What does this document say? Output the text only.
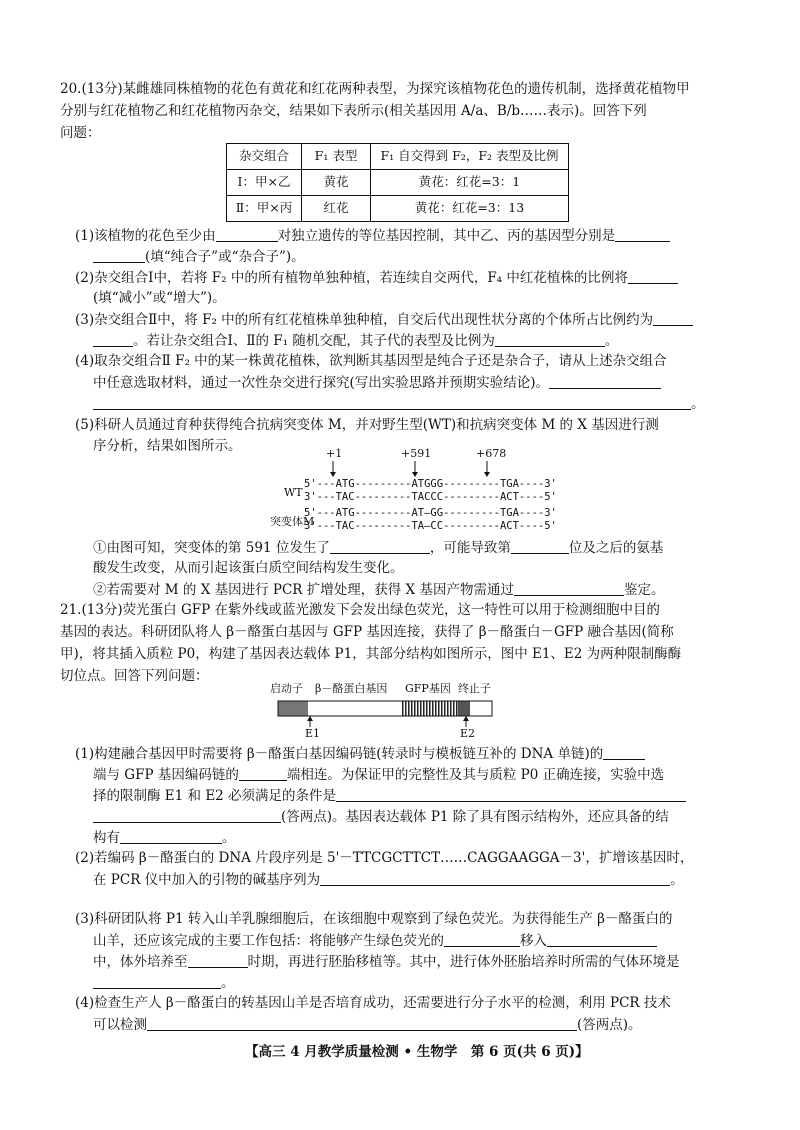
20.(13分)某雌雄同株植物的花色有黄花和红花两种表型，为探究该植物花色的遗传机制，选择黄花植物甲
分别与红花植物乙和红花植物丙杂交，结果如下表所示(相关基因用 A/a、B/b……表示)。回答下列
问题：
杂交组合	F₁ 表型	F₁ 自交得到 F₂，F₂ 表型及比例
Ⅰ：甲×乙	黄花	黄花：红花=3：1
Ⅱ：甲×丙	红花	黄花：红花=3：13
(1)该植物的花色至少由	对独立遗传的等位基因控制，其中乙、丙的基因型分别是
(填“纯合子”或“杂合子”)。
(2)杂交组合Ⅰ中，若将 F₂ 中的所有植物单独种植，若连续自交两代，F₄ 中红花植株的比例将
(填“减小”或“增大”)。
(3)杂交组合Ⅱ中，将 F₂ 中的所有红花植株单独种植，自交后代出现性状分离的个体所占比例约为
。若让杂交组合Ⅰ、Ⅱ的 F₁ 随机交配，其子代的表型及比例为	。
(4)取杂交组合Ⅱ F₂ 中的某一株黄花植株，欲判断其基因型是纯合子还是杂合子，请从上述杂交组合
中任意选取材料，通过一次性杂交进行探究(写出实验思路并预期实验结论)。
。
(5)科研人员通过育种获得纯合抗病突变体 M，并对野生型(WT)和抗病突变体 M 的 X 基因进行测
序分析，结果如图所示。	+1	+591	+678
WT
突变体M
5'---ATG---------ATGGG---------TGA----3'
3'---TAC---------TACCC---------ACT----5'
5'---ATG---------AT—GG---------TGA----3'
3'---TAC---------TA—CC---------ACT----5'
①由图可知，突变体的第 591 位发生了	，可能导致第	位及之后的氨基
酸发生改变，从而引起该蛋白质空间结构发生变化。
②若需要对 M 的 X 基因进行 PCR 扩增处理，获得 X 基因产物需通过	鉴定。
21.(13分)荧光蛋白 GFP 在紫外线或蓝光激发下会发出绿色荧光，这一特性可以用于检测细胞中目的
基因的表达。科研团队将人 β－酪蛋白基因与 GFP 基因连接，获得了 β－酪蛋白－GFP 融合基因(简称
甲)，将其插入质粒 P0，构建了基因表达载体 P1，其部分结构如图所示，图中 E1、E2 为两种限制酶酶
切位点。回答下列问题：
启动子 β－酪蛋白基因 GFP基因 终止子
E1	E2
(1)构建融合基因甲时需要将 β－酪蛋白基因编码链(转录时与模板链互补的 DNA 单链)的
端与 GFP 基因编码链的	端相连。为保证甲的完整性及其与质粒 P0 正确连接，实验中选
择的限制酶 E1 和 E2 必须满足的条件是
(答两点)。基因表达载体 P1 除了具有图示结构外，还应具备的结
构有	。
(2)若编码 β－酪蛋白的 DNA 片段序列是 5'－TTCGCTTCT……CAGGAAGGA－3'，扩增该基因时，
在 PCR 仪中加入的引物的碱基序列为	。
(3)科研团队将 P1 转入山羊乳腺细胞后，在该细胞中观察到了绿色荧光。为获得能生产 β－酪蛋白的
山羊，还应该完成的主要工作包括：将能够产生绿色荧光的	移入
中，体外培养至	时期，再进行胚胎移植等。其中，进行体外胚胎培养时所需的气体环境是
。
(4)检查生产人 β－酪蛋白的转基因山羊是否培育成功，还需要进行分子水平的检测，利用 PCR 技术
可以检测	(答两点)。
【高三 4 月教学质量检测 • 生物学　第 6 页(共 6 页)】
